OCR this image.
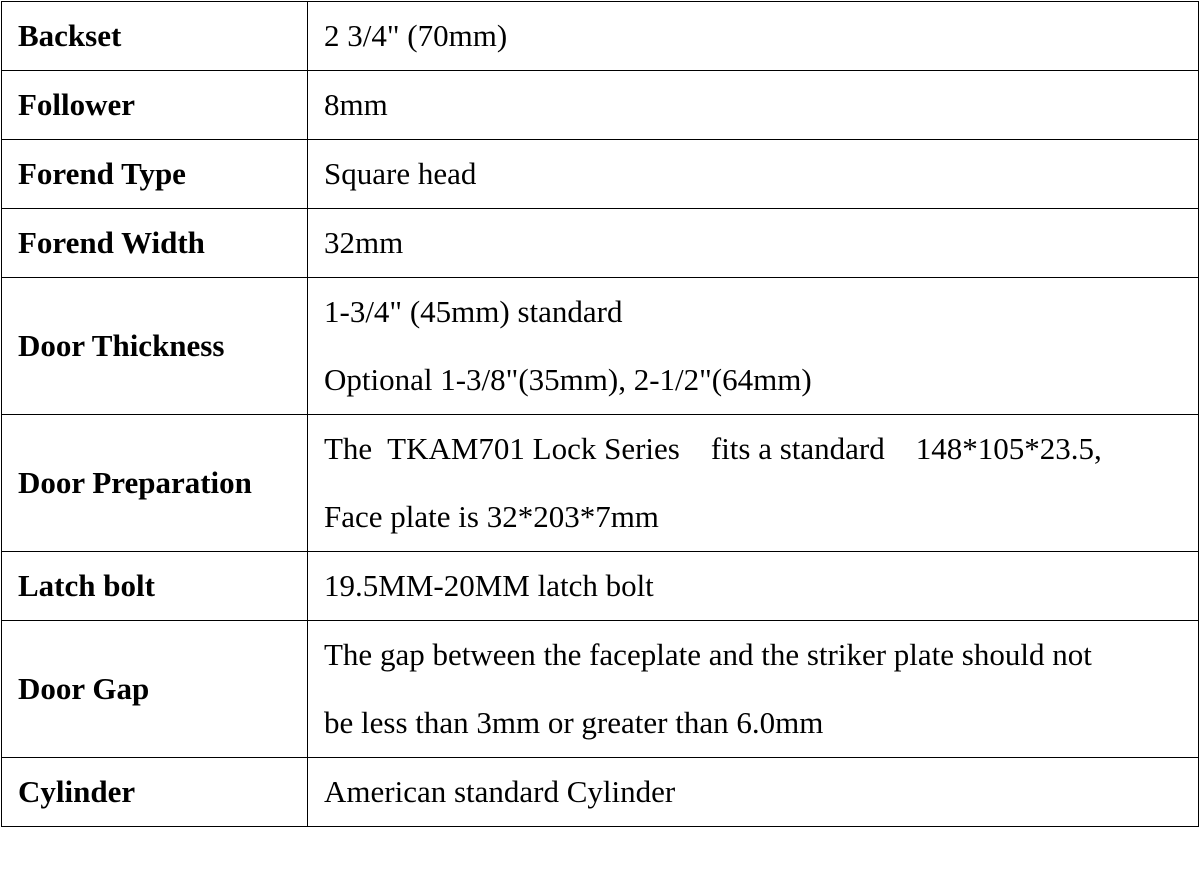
Backset	2 3/4" (70mm)

Follower	8mm

Forend Type	Square head

Forend Width	32mm

Door Thickness	1-3/4" (45mm) standard
Optional 1-3/8"(35mm), 2-1/2"(64mm)

Door Preparation	The  TKAM701 Lock Series    fits a standard    148*105*23.5,
Face plate is 32*203*7mm

Latch bolt	19.5MM-20MM latch bolt

Door Gap	The gap between the faceplate and the striker plate should not
be less than 3mm or greater than 6.0mm

Cylinder	American standard Cylinder
